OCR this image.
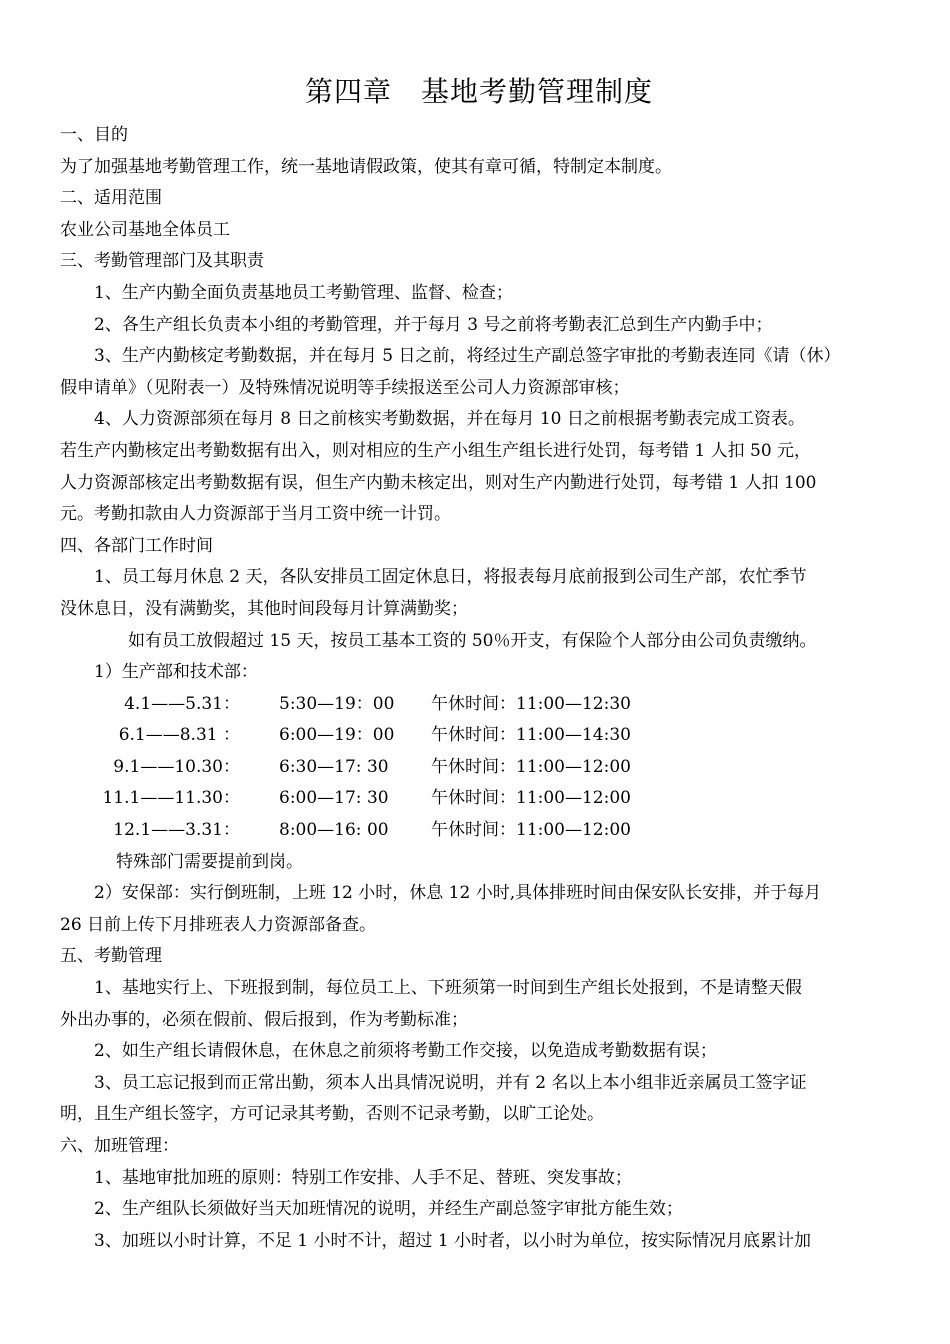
第四章　基地考勤管理制度
一、目的
为了加强基地考勤管理工作，统一基地请假政策，使其有章可循，特制定本制度。
二、适用范围
农业公司基地全体员工
三、考勤管理部门及其职责
1、生产内勤全面负责基地员工考勤管理、监督、检查；
2、各生产组长负责本小组的考勤管理，并于每月 3 号之前将考勤表汇总到生产内勤手中；
3、生产内勤核定考勤数据，并在每月 5 日之前，将经过生产副总签字审批的考勤表连同《请（休）
假申请单》（见附表一）及特殊情况说明等手续报送至公司人力资源部审核；
4、人力资源部须在每月 8 日之前核实考勤数据，并在每月 10 日之前根据考勤表完成工资表。
若生产内勤核定出考勤数据有出入，则对相应的生产小组生产组长进行处罚，每考错 1 人扣 50 元，
人力资源部核定出考勤数据有误，但生产内勤未核定出，则对生产内勤进行处罚，每考错 1 人扣 100
元。考勤扣款由人力资源部于当月工资中统一计罚。
四、各部门工作时间
1、员工每月休息 2 天，各队安排员工固定休息日，将报表每月底前报到公司生产部，农忙季节
没休息日，没有满勤奖，其他时间段每月计算满勤奖；
如有员工放假超过 15 天，按员工基本工资的 50％开支，有保险个人部分由公司负责缴纳。
1）生产部和技术部：
4.1——5.31： 5:30—19：00 午休时间：11:00—12:30
6.1——8.31 ： 6:00—19：00 午休时间：11:00—14:30
9.1——10.30： 6:30—17: 30 午休时间：11:00—12:00
11.1——11.30： 6:00—17: 30 午休时间：11:00—12:00
12.1——3.31： 8:00—16: 00 午休时间：11:00—12:00
特殊部门需要提前到岗。
2）安保部：实行倒班制，上班 12 小时，休息 12 小时,具体排班时间由保安队长安排，并于每月
26 日前上传下月排班表人力资源部备查。
五、考勤管理
1、基地实行上、下班报到制，每位员工上、下班须第一时间到生产组长处报到，不是请整天假
外出办事的，必须在假前、假后报到，作为考勤标准；
2、如生产组长请假休息，在休息之前须将考勤工作交接，以免造成考勤数据有误；
3、员工忘记报到而正常出勤，须本人出具情况说明，并有 2 名以上本小组非近亲属员工签字证
明，且生产组长签字，方可记录其考勤，否则不记录考勤，以旷工论处。
六、加班管理：
1、基地审批加班的原则：特别工作安排、人手不足、替班、突发事故；
2、生产组队长须做好当天加班情况的说明，并经生产副总签字审批方能生效；
3、加班以小时计算，不足 1 小时不计，超过 1 小时者，以小时为单位，按实际情况月底累计加
